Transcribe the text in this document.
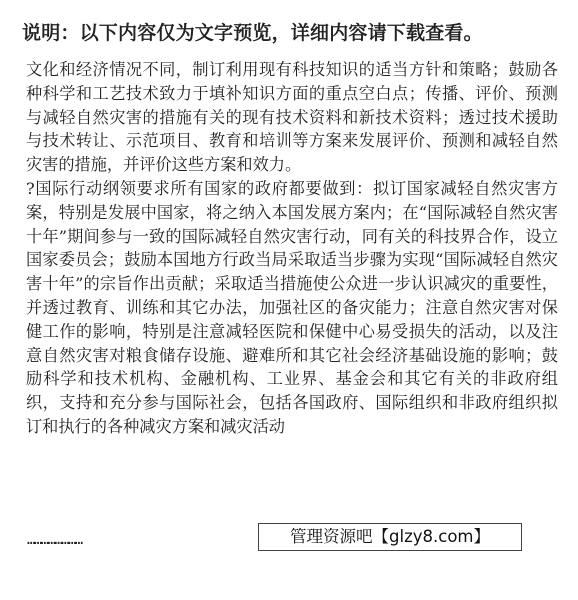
说明：以下内容仅为文字预览，详细内容请下载查看。

文化和经济情况不同，制订利用现有科技知识的适当方针和策略；鼓励各种科学和工艺技术致力于填补知识方面的重点空白点；传播、评价、预测与减轻自然灾害的措施有关的现有技术资料和新技术资料；透过技术援助与技术转让、示范项目、教育和培训等方案来发展评价、预测和减轻自然灾害的措施，并评价这些方案和效力。

?国际行动纲领要求所有国家的政府都要做到：拟订国家减轻自然灾害方案，特别是发展中国家，将之纳入本国发展方案内；在“国际减轻自然灾害十年”期间参与一致的国际减轻自然灾害行动，同有关的科技界合作，设立国家委员会；鼓励本国地方行政当局采取适当步骤为实现“国际减轻自然灾害十年”的宗旨作出贡献；采取适当措施使公众进一步认识减灾的重要性，并透过教育、训练和其它办法，加强社区的备灾能力；注意自然灾害对保健工作的影响，特别是注意减轻医院和保健中心易受损失的活动，以及注意自然灾害对粮食储存设施、避难所和其它社会经济基础设施的影响；鼓励科学和技术机构、金融机构、工业界、基金会和其它有关的非政府组织，支持和充分参与国际社会，包括各国政府、国际组织和非政府组织拟订和执行的各种减灾方案和减灾活动

……………………	管理资源吧【glzy8.com】
